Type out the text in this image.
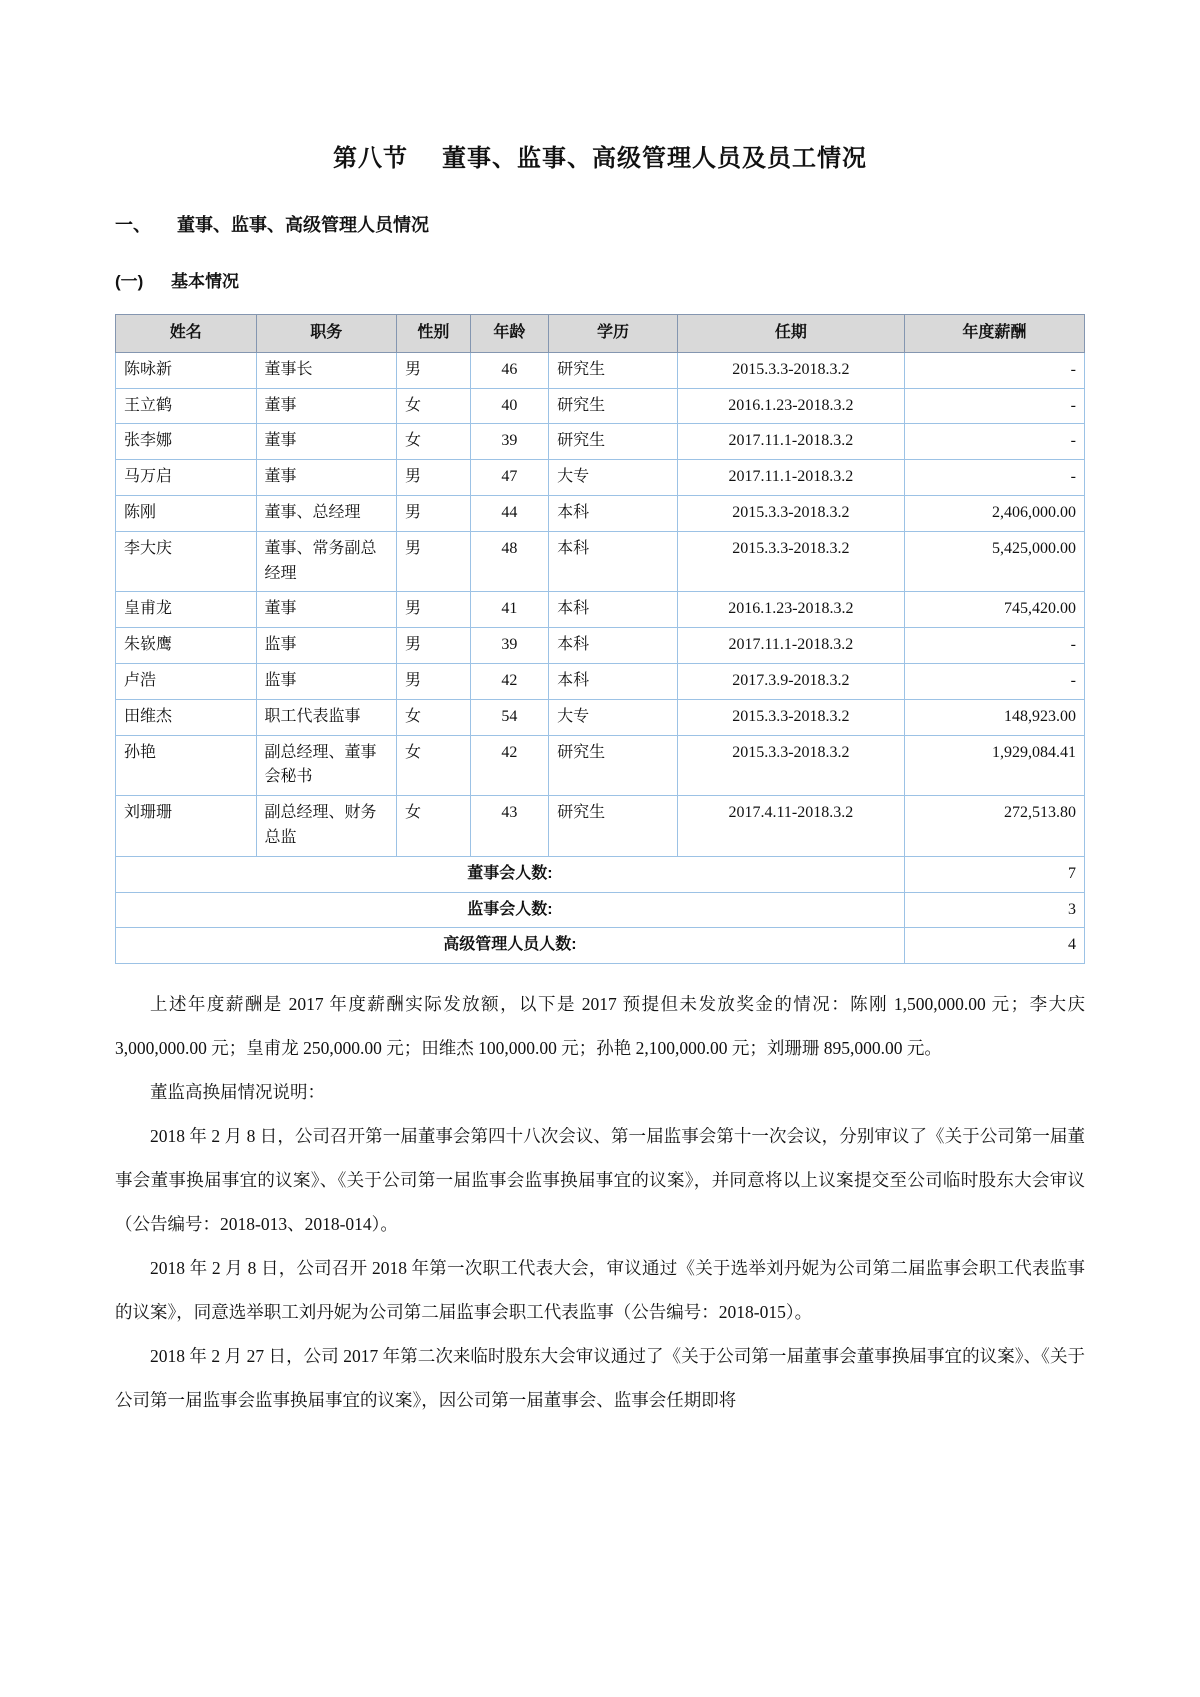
第八节 董事、监事、高级管理人员及员工情况
一、 董事、监事、高级管理人员情况
(一) 基本情况
姓名	职务	性别	年龄	学历	任期	年度薪酬
陈咏新	董事长	男	46	研究生	2015.3.3-2018.3.2	-
王立鹤	董事	女	40	研究生	2016.1.23-2018.3.2	-
张李娜	董事	女	39	研究生	2017.11.1-2018.3.2	-
马万启	董事	男	47	大专	2017.11.1-2018.3.2	-
陈刚	董事、总经理	男	44	本科	2015.3.3-2018.3.2	2,406,000.00
李大庆	董事、常务副总经理	男	48	本科	2015.3.3-2018.3.2	5,425,000.00
皇甫龙	董事	男	41	本科	2016.1.23-2018.3.2	745,420.00
朱嵚鹰	监事	男	39	本科	2017.11.1-2018.3.2	-
卢浩	监事	男	42	本科	2017.3.9-2018.3.2	-
田维杰	职工代表监事	女	54	大专	2015.3.3-2018.3.2	148,923.00
孙艳	副总经理、董事会秘书	女	42	研究生	2015.3.3-2018.3.2	1,929,084.41
刘珊珊	副总经理、财务总监	女	43	研究生	2017.4.11-2018.3.2	272,513.80
董事会人数:						7
监事会人数:						3
高级管理人员人数:						4

上述年度薪酬是 2017 年度薪酬实际发放额，以下是 2017 预提但未发放奖金的情况：陈刚 1,500,000.00 元；李大庆 3,000,000.00 元；皇甫龙 250,000.00 元；田维杰 100,000.00 元；孙艳 2,100,000.00 元；刘珊珊 895,000.00 元。

董监高换届情况说明：

2018 年 2 月 8 日，公司召开第一届董事会第四十八次会议、第一届监事会第十一次会议，分别审议了《关于公司第一届董事会董事换届事宜的议案》、《关于公司第一届监事会监事换届事宜的议案》，并同意将以上议案提交至公司临时股东大会审议（公告编号：2018-013、2018-014）。

2018 年 2 月 8 日，公司召开 2018 年第一次职工代表大会，审议通过《关于选举刘丹妮为公司第二届监事会职工代表监事的议案》，同意选举职工刘丹妮为公司第二届监事会职工代表监事（公告编号：2018-015）。

2018 年 2 月 27 日，公司 2017 年第二次来临时股东大会审议通过了《关于公司第一届董事会董事换届事宜的议案》、《关于公司第一届监事会监事换届事宜的议案》，因公司第一届董事会、监事会任期即将
